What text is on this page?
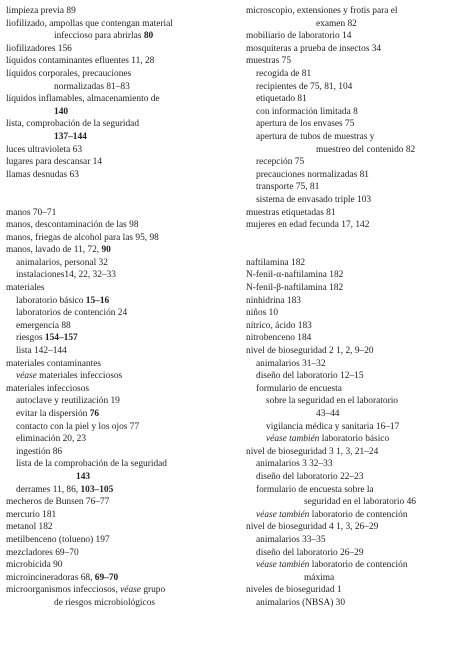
limpieza previa 89
liofilizado, ampollas que contengan material
infeccioso para abrirlas 80
liofilizadores 156
líquidos contaminantes efluentes 11, 28
líquidos corporales, precauciones
normalizadas 81–83
líquidos inflamables, almacenamiento de
140
lista, comprobación de la seguridad
137–144
luces ultravioleta 63
lugares para descansar 14
llamas desnudas 63
manos 70–71
manos, descontaminación de las 98
manos, friegas de alcohol para las 95, 98
manos, lavado de 11, 72, 90
animalarios, personal 32
instalaciones14, 22, 32–33
materiales
laboratorio básico 15–16
laboratorios de contención 24
emergencia 88
riesgos 154–157
lista 142–144
materiales contaminantes
véase materiales infecciosos
materiales infecciosos
autoclave y reutilización 19
evitar la dispersión 76
contacto con la piel y los ojos 77
eliminación 20, 23
ingestión 86
lista de la comprobación de la seguridad
143
derrames 11, 86, 103–105
mecheros de Bunsen 76–77
mercurio 181
metanol 182
metilbenceno (tolueno) 197
mezcladores 69–70
microbicida 90
microincineradoras 68, 69–70
microorganismos infecciosos, véase grupo
de riesgos microbiológicos
microscopio, extensiones y frotis para el
examen 82
mobiliario de laboratorio 14
mosquiteras a prueba de insectos 34
muestras 75
recogida de 81
recipientes de 75, 81, 104
etiquetado 81
con información limitada 8
apertura de los envases 75
apertura de tubos de muestras y
muestreo del contenido 82
recepción 75
precauciones normalizadas 81
transporte 75, 81
sistema de envasado triple 103
muestras etiquetadas 81
mujeres en edad fecunda 17, 142
naftilamina 182
N-fenil-α-naftilamina 182
N-fenil-β-naftilamina 182
ninhidrina 183
niños 10
nítrico, ácido 183
nitrobenceno 184
nivel de bioseguridad 2 1, 2, 9–20
animalarios 31–32
diseño del laboratorio 12–15
formulario de encuesta
sobre la seguridad en el laboratorio
43–44
vigilancia médica y sanitaria 16–17
véase también laboratorio básico
nivel de bioseguridad 3 1, 3, 21–24
animalarios 3 32–33
diseño del laboratorio 22–23
formulario de encuesta sobre la
seguridad en el laboratorio 46
véase también laboratorio de contención
nivel de bioseguridad 4 1, 3, 26–29
animalarios 33–35
diseño del laboratorio 26–29
véase también laboratorio de contención
máxima
niveles de bioseguridad 1
animalarios (NBSA) 30
